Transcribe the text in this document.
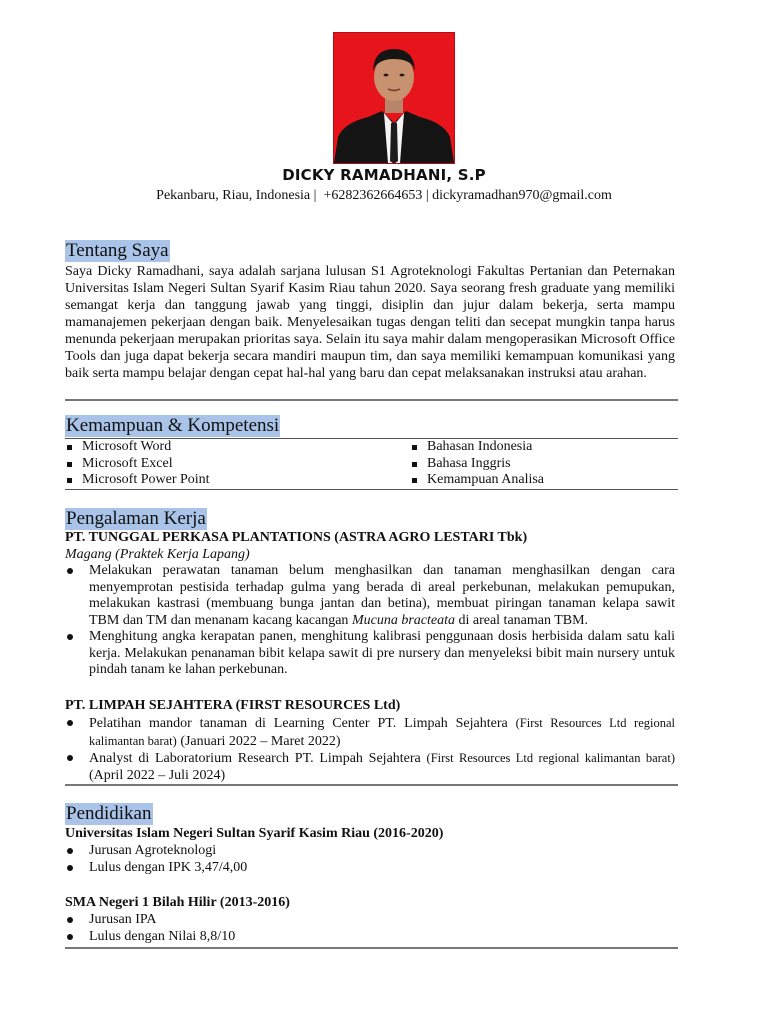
DICKY RAMADHANI, S.P
Pekanbaru, Riau, Indonesia | +6282362664653 | dickyramadhan970@gmail.com
Tentang Saya

Saya Dicky Ramadhani, saya adalah sarjana lulusan S1 Agroteknologi Fakultas Pertanian dan Peternakan Universitas Islam Negeri Sultan Syarif Kasim Riau tahun 2020. Saya seorang fresh graduate yang memiliki semangat kerja dan tanggung jawab yang tinggi, disiplin dan jujur dalam bekerja, serta mampu mamanajemen pekerjaan dengan baik. Menyelesaikan tugas dengan teliti dan secepat mungkin tanpa harus menunda pekerjaan merupakan prioritas saya. Selain itu saya mahir dalam mengoperasikan Microsoft Office Tools dan juga dapat bekerja secara mandiri maupun tim, dan saya memiliki kemampuan komunikasi yang baik serta mampu belajar dengan cepat hal-hal yang baru dan cepat melaksanakan instruksi atau arahan.

Kemampuan & Kompetensi
Microsoft Word
Microsoft Excel
Microsoft Power Point
Bahasan Indonesia
Bahasa Inggris
Kemampuan Analisa
Pengalaman Kerja
PT. TUNGGAL PERKASA PLANTATIONS (ASTRA AGRO LESTARI Tbk)
Magang (Praktek Kerja Lapang)
Melakukan perawatan tanaman belum menghasilkan dan tanaman menghasilkan dengan cara menyemprotan pestisida terhadap gulma yang berada di areal perkebunan, melakukan pemupukan, melakukan kastrasi (membuang bunga jantan dan betina), membuat piringan tanaman kelapa sawit TBM dan TM dan menanam kacang kacangan Mucuna bracteata di areal tanaman TBM.
Menghitung angka kerapatan panen, menghitung kalibrasi penggunaan dosis herbisida dalam satu kali kerja. Melakukan penanaman bibit kelapa sawit di pre nursery dan menyeleksi bibit main nursery untuk pindah tanam ke lahan perkebunan.
PT. LIMPAH SEJAHTERA (FIRST RESOURCES Ltd)
Pelatihan mandor tanaman di Learning Center PT. Limpah Sejahtera (First Resources Ltd regional kalimantan barat) (Januari 2022 – Maret 2022)
Analyst di Laboratorium Research PT. Limpah Sejahtera (First Resources Ltd regional kalimantan barat) (April 2022 – Juli 2024)
Pendidikan
Universitas Islam Negeri Sultan Syarif Kasim Riau (2016-2020)
Jurusan Agroteknologi
Lulus dengan IPK 3,47/4,00
SMA Negeri 1 Bilah Hilir (2013-2016)
Jurusan IPA
Lulus dengan Nilai 8,8/10
